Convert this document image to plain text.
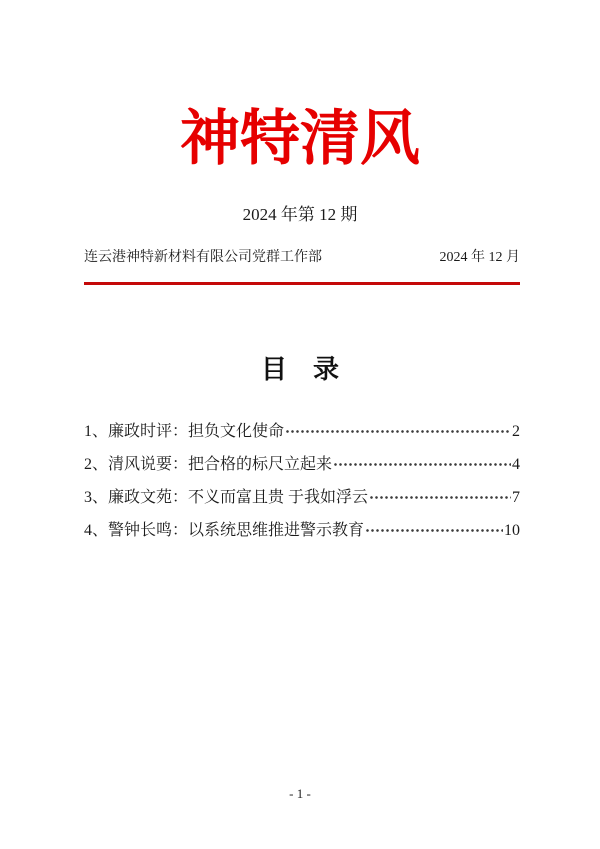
神特清风
2024 年第 12 期
连云港神特新材料有限公司党群工作部	2024 年 12 月
目　录
1、廉政时评：担负文化使命	2
2、清风说要：把合格的标尺立起来	4
3、廉政文苑：不义而富且贵 于我如浮云	7
4、警钟长鸣：以系统思维推进警示教育	10
- 1 -
